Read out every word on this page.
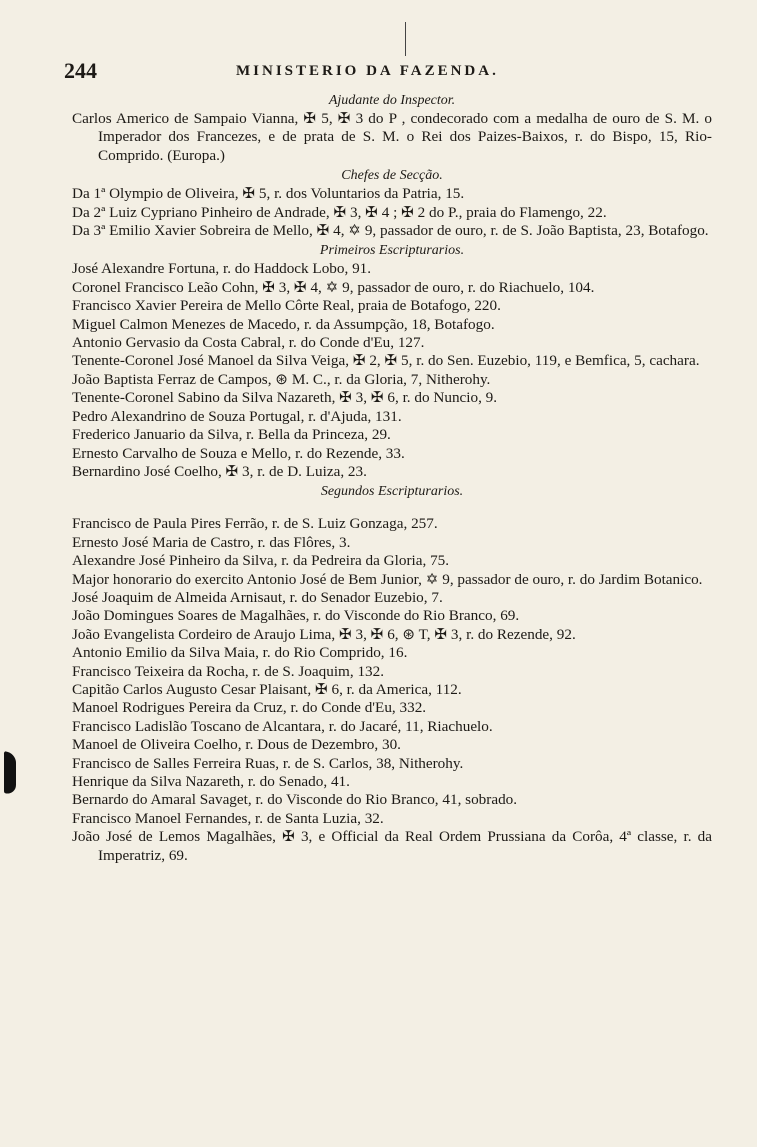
244	MINISTERIO DA FAZENDA.

Ajudante do Inspector.

Carlos Americo de Sampaio Vianna, ✠ 5, ✠ 3 do P , condecorado com a medalha de ouro de S. M. o Imperador dos Francezes, e de prata de S. M. o Rei dos Paizes-Baixos, r. do Bispo, 15, Rio-Comprido. (Europa.)

Chefes de Secção.

Da 1ª Olympio de Oliveira, ✠ 5, r. dos Voluntarios da Patria, 15.

Da 2ª Luiz Cypriano Pinheiro de Andrade, ✠ 3, ✠ 4 ; ✠ 2 do P., praia do Flamengo, 22.

Da 3ª Emilio Xavier Sobreira de Mello, ✠ 4, ✡ 9, passador de ouro, r. de S. João Baptista, 23, Botafogo.

Primeiros Escripturarios.

José Alexandre Fortuna, r. do Haddock Lobo, 91.

Coronel Francisco Leão Cohn, ✠ 3, ✠ 4, ✡ 9, passador de ouro, r. do Riachuelo, 104.

Francisco Xavier Pereira de Mello Côrte Real, praia de Botafogo, 220.

Miguel Calmon Menezes de Macedo, r. da Assumpção, 18, Botafogo.

Antonio Gervasio da Costa Cabral, r. do Conde d'Eu, 127.

Tenente-Coronel José Manoel da Silva Veiga, ✠ 2, ✠ 5, r. do Sen. Euzebio, 119, e Bemfica, 5, cachara.

João Baptista Ferraz de Campos, ⊛ M. C., r. da Gloria, 7, Nitherohy.

Tenente-Coronel Sabino da Silva Nazareth, ✠ 3, ✠ 6, r. do Nuncio, 9.

Pedro Alexandrino de Souza Portugal, r. d'Ajuda, 131.

Frederico Januario da Silva, r. Bella da Princeza, 29.

Ernesto Carvalho de Souza e Mello, r. do Rezende, 33.

Bernardino José Coelho, ✠ 3, r. de D. Luiza, 23.

Segundos Escripturarios.

Francisco de Paula Pires Ferrão, r. de S. Luiz Gonzaga, 257.

Ernesto José Maria de Castro, r. das Flôres, 3.

Alexandre José Pinheiro da Silva, r. da Pedreira da Gloria, 75.

Major honorario do exercito Antonio José de Bem Junior, ✡ 9, passador de ouro, r. do Jardim Botanico.

José Joaquim de Almeida Arnisaut, r. do Senador Euzebio, 7.

João Domingues Soares de Magalhães, r. do Visconde do Rio Branco, 69.

João Evangelista Cordeiro de Araujo Lima, ✠ 3, ✠ 6, ⊛ T, ✠ 3, r. do Rezende, 92.

Antonio Emilio da Silva Maia, r. do Rio Comprido, 16.

Francisco Teixeira da Rocha, r. de S. Joaquim, 132.

Capitão Carlos Augusto Cesar Plaisant, ✠ 6, r. da America, 112.

Manoel Rodrigues Pereira da Cruz, r. do Conde d'Eu, 332.

Francisco Ladislão Toscano de Alcantara, r. do Jacaré, 11, Riachuelo.

Manoel de Oliveira Coelho, r. Dous de Dezembro, 30.

Francisco de Salles Ferreira Ruas, r. de S. Carlos, 38, Nitherohy.

Henrique da Silva Nazareth, r. do Senado, 41.

Bernardo do Amaral Savaget, r. do Visconde do Rio Branco, 41, sobrado.

Francisco Manoel Fernandes, r. de Santa Luzia, 32.

João José de Lemos Magalhães, ✠ 3, e Official da Real Ordem Prussiana da Corôa, 4ª classe, r. da Imperatriz, 69.
